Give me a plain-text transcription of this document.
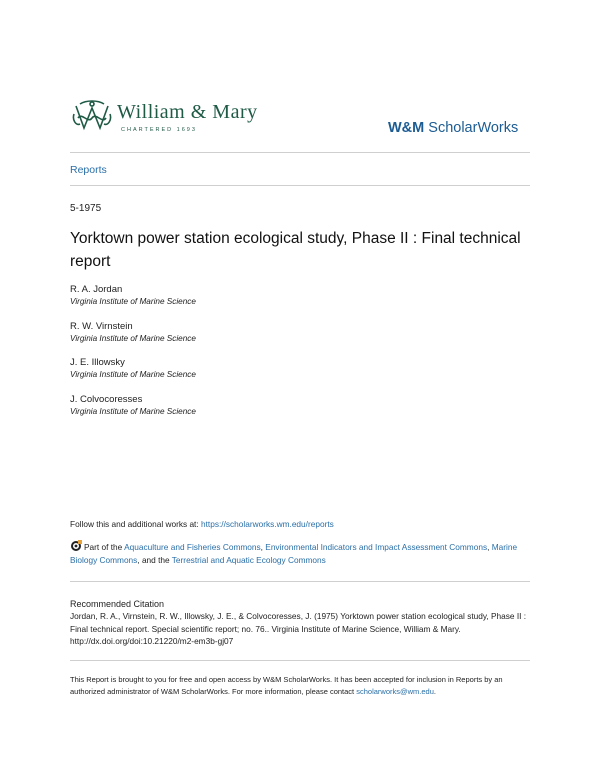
William & Mary
CHARTERED 1693	W&M ScholarWorks
Reports
5-1975
Yorktown power station ecological study, Phase II : Final technical report
R. A. Jordan
Virginia Institute of Marine Science
R. W. Virnstein
Virginia Institute of Marine Science
J. E. Illowsky
Virginia Institute of Marine Science
J. Colvocoresses
Virginia Institute of Marine Science
Follow this and additional works at: https://scholarworks.wm.edu/reports
Part of the Aquaculture and Fisheries Commons, Environmental Indicators and Impact Assessment Commons, Marine Biology Commons, and the Terrestrial and Aquatic Ecology Commons
Recommended Citation
Jordan, R. A., Virnstein, R. W., Illowsky, J. E., & Colvocoresses, J. (1975) Yorktown power station ecological study, Phase II : Final technical report. Special scientific report; no. 76.. Virginia Institute of Marine Science, William & Mary. http://dx.doi.org/doi:10.21220/m2-em3b-gj07
This Report is brought to you for free and open access by W&M ScholarWorks. It has been accepted for inclusion in Reports by an authorized administrator of W&M ScholarWorks. For more information, please contact scholarworks@wm.edu.
